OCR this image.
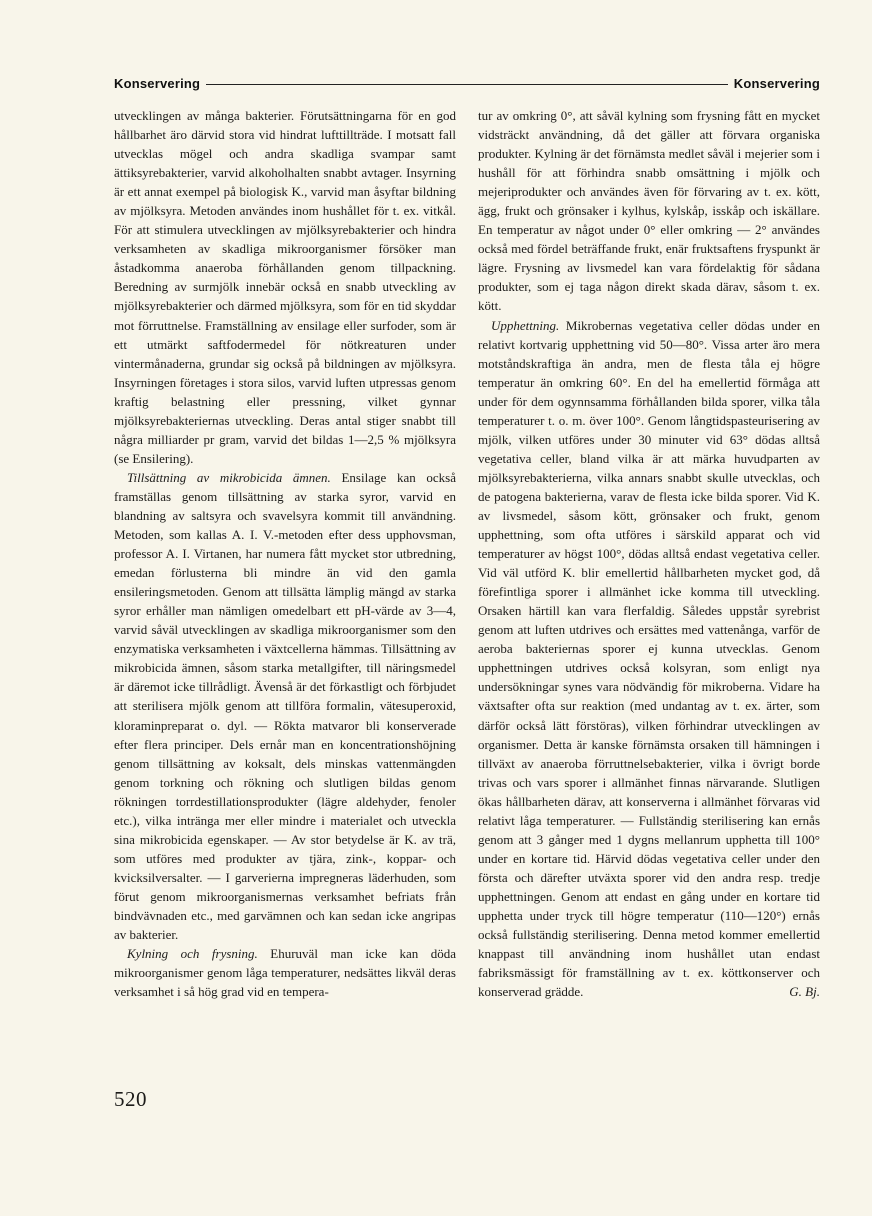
Konservering	Konservering

utvecklingen av många bakterier. Förutsättningarna för en god hållbarhet äro därvid stora vid hindrat lufttillträde. I motsatt fall utvecklas mögel och andra skadliga svampar samt ättiksyrebakterier, varvid alkoholhalten snabbt avtager. Insyrning är ett annat exempel på biologisk K., varvid man åsyftar bildning av mjölksyra. Metoden användes inom hushållet för t. ex. vitkål. För att stimulera utvecklingen av mjölksyrebakterier och hindra verksamheten av skadliga mikroorganismer försöker man åstadkomma anaeroba förhållanden genom tillpackning. Beredning av surmjölk innebär också en snabb utveckling av mjölksyrebakterier och därmed mjölksyra, som för en tid skyddar mot förruttnelse. Framställning av ensilage eller surfoder, som är ett utmärkt saftfodermedel för nötkreaturen under vintermånaderna, grundar sig också på bildningen av mjölksyra. Insyrningen företages i stora silos, varvid luften utpressas genom kraftig belastning eller pressning, vilket gynnar mjölksyrebakteriernas utveckling. Deras antal stiger snabbt till några milliarder pr gram, varvid det bildas 1—2,5 % mjölksyra (se Ensilering).

Tillsättning av mikrobicida ämnen. Ensilage kan också framställas genom tillsättning av starka syror, varvid en blandning av saltsyra och svavelsyra kommit till användning. Metoden, som kallas A. I. V.-metoden efter dess upphovsman, professor A. I. Virtanen, har numera fått mycket stor utbredning, emedan förlusterna bli mindre än vid den gamla ensileringsmetoden. Genom att tillsätta lämplig mängd av starka syror erhåller man nämligen omedelbart ett pH-värde av 3—4, varvid såväl utvecklingen av skadliga mikroorganismer som den enzymatiska verksamheten i växtcellerna hämmas. Tillsättning av mikrobicida ämnen, såsom starka metallgifter, till näringsmedel är däremot icke tillrådligt. Ävenså är det förkastligt och förbjudet att sterilisera mjölk genom att tillföra formalin, vätesuperoxid, kloraminpreparat o. dyl. — Rökta matvaror bli konserverade efter flera principer. Dels ernår man en koncentrationshöjning genom tillsättning av koksalt, dels minskas vattenmängden genom torkning och rökning och slutligen bildas genom rökningen torrdestillationsprodukter (lägre aldehyder, fenoler etc.), vilka intränga mer eller mindre i materialet och utveckla sina mikrobicida egenskaper. — Av stor betydelse är K. av trä, som utföres med produkter av tjära, zink-, koppar- och kvicksilversalter. — I garverierna impregneras läderhuden, som förut genom mikroorganismernas verksamhet befriats från bindvävnaden etc., med garvämnen och kan sedan icke angripas av bakterier.

Kylning och frysning. Ehuruväl man icke kan döda mikroorganismer genom låga temperaturer, nedsättes likväl deras verksamhet i så hög grad vid en tempera-

tur av omkring 0°, att såväl kylning som frysning fått en mycket vidsträckt användning, då det gäller att förvara organiska produkter. Kylning är det förnämsta medlet såväl i mejerier som i hushåll för att förhindra snabb omsättning i mjölk och mejeriprodukter och användes även för förvaring av t. ex. kött, ägg, frukt och grönsaker i kylhus, kylskåp, isskåp och iskällare. En temperatur av något under 0° eller omkring — 2° användes också med fördel beträffande frukt, enär fruktsaftens fryspunkt är lägre. Frysning av livsmedel kan vara fördelaktig för sådana produkter, som ej taga någon direkt skada därav, såsom t. ex. kött.

Upphettning. Mikrobernas vegetativa celler dödas under en relativt kortvarig upphettning vid 50—80°. Vissa arter äro mera motståndskraftiga än andra, men de flesta tåla ej högre temperatur än omkring 60°. En del ha emellertid förmåga att under för dem ogynnsamma förhållanden bilda sporer, vilka tåla temperaturer t. o. m. över 100°. Genom långtidspasteurisering av mjölk, vilken utföres under 30 minuter vid 63° dödas alltså vegetativa celler, bland vilka är att märka huvudparten av mjölksyrebakterierna, vilka annars snabbt skulle utvecklas, och de patogena bakterierna, varav de flesta icke bilda sporer. Vid K. av livsmedel, såsom kött, grönsaker och frukt, genom upphettning, som ofta utföres i särskild apparat och vid temperaturer av högst 100°, dödas alltså endast vegetativa celler. Vid väl utförd K. blir emellertid hållbarheten mycket god, då förefintliga sporer i allmänhet icke komma till utveckling. Orsaken härtill kan vara flerfaldig. Således uppstår syrebrist genom att luften utdrives och ersättes med vattenånga, varför de aeroba bakteriernas sporer ej kunna utvecklas. Genom upphettningen utdrives också kolsyran, som enligt nya undersökningar synes vara nödvändig för mikroberna. Vidare ha växtsafter ofta sur reaktion (med undantag av t. ex. ärter, som därför också lätt förstöras), vilken förhindrar utvecklingen av organismer. Detta är kanske förnämsta orsaken till hämningen i tillväxt av anaeroba förruttnelsebakterier, vilka i övrigt borde trivas och vars sporer i allmänhet finnas närvarande. Slutligen ökas hållbarheten därav, att konserverna i allmänhet förvaras vid relativt låga temperaturer. — Fullständig sterilisering kan ernås genom att 3 gånger med 1 dygns mellanrum upphetta till 100° under en kortare tid. Härvid dödas vegetativa celler under den första och därefter utväxta sporer vid den andra resp. tredje upphettningen. Genom att endast en gång under en kortare tid upphetta under tryck till högre temperatur (110—120°) ernås också fullständig sterilisering. Denna metod kommer emellertid knappast till användning inom hushållet utan endast fabriksmässigt för framställning av t. ex. köttkonserver och konserverad grädde.	G. Bj.

520
